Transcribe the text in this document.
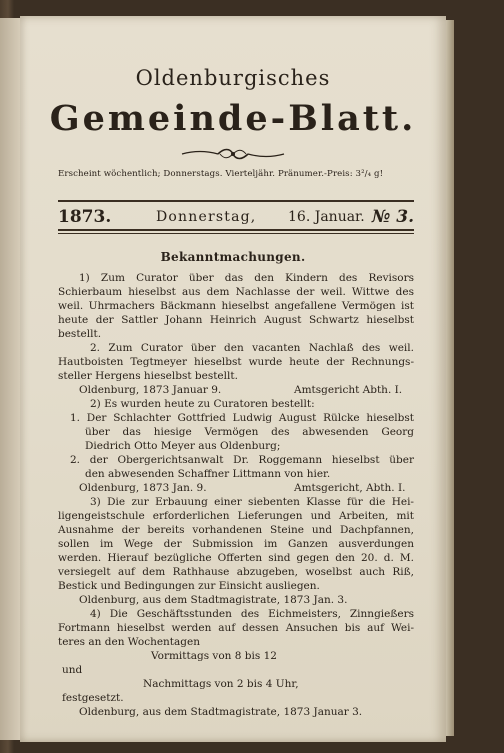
Oldenburgisches
Gemeinde-Blatt.
Erscheint wöchentlich; Donnerstags. Vierteljähr. Pränumer.-Preis: 3²/₄ g!
1873.	Donnerstag, 16. Januar. № 3.
Bekanntmachungen.
1) Zum Curator über das den Kindern des Revisors
Schierbaum hieselbst aus dem Nachlasse der weil. Wittwe des
weil. Uhrmachers Bäckmann hieselbst angefallene Vermögen ist
heute der Sattler Johann Heinrich August Schwartz hieselbst
bestellt.
2. Zum Curator über den vacanten Nachlaß des weil.
Hautboisten Tegtmeyer hieselbst wurde heute der Rechnungs-
steller Hergens hieselbst bestellt.
Oldenburg, 1873 Januar 9.	Amtsgericht Abth. I.
2) Es wurden heute zu Curatoren bestellt:
1. Der Schlachter Gottfried Ludwig August Rülcke hieselbst
über das hiesige Vermögen des abwesenden Georg
Diedrich Otto Meyer aus Oldenburg;
2. der Obergerichtsanwalt Dr. Roggemann hieselbst über
den abwesenden Schaffner Littmann von hier.
Oldenburg, 1873 Jan. 9.	Amtsgericht, Abth. I.
3) Die zur Erbauung einer siebenten Klasse für die Hei-
ligengeistschule erforderlichen Lieferungen und Arbeiten, mit
Ausnahme der bereits vorhandenen Steine und Dachpfannen,
sollen im Wege der Submission im Ganzen ausverdungen
werden. Hierauf bezügliche Offerten sind gegen den 20. d. M.
versiegelt auf dem Rathhause abzugeben, woselbst auch Riß,
Bestick und Bedingungen zur Einsicht ausliegen.
Oldenburg, aus dem Stadtmagistrate, 1873 Jan. 3.
4) Die Geschäftsstunden des Eichmeisters, Zinngießers
Fortmann hieselbst werden auf dessen Ansuchen bis auf Wei-
teres an den Wochentagen
Vormittags von 8 bis 12
und
Nachmittags von 2 bis 4 Uhr,
festgesetzt.
Oldenburg, aus dem Stadtmagistrate, 1873 Januar 3.
